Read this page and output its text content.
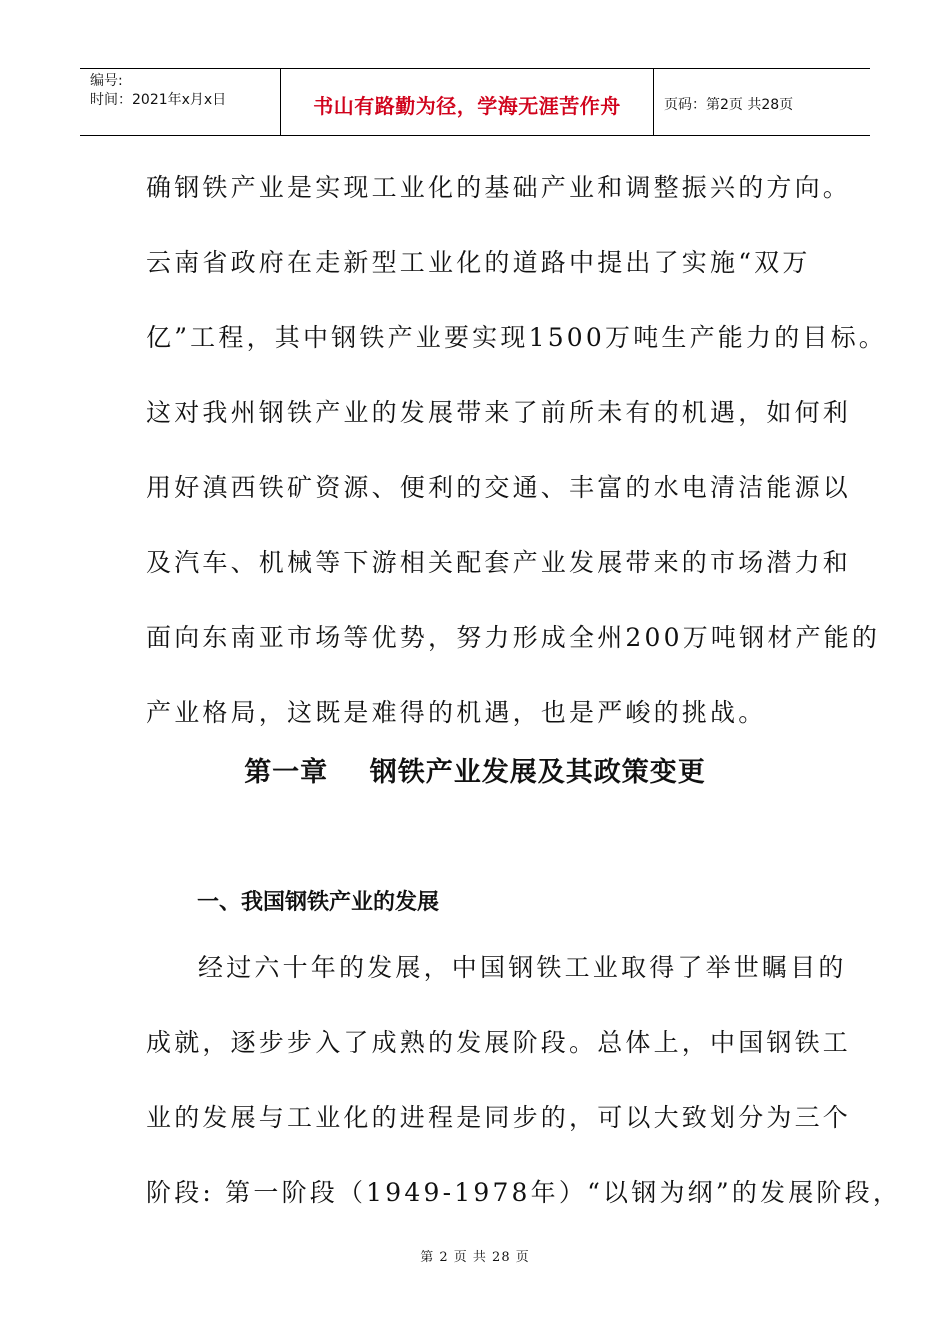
编号:
时间：2021年x月x日	书山有路勤为径，学海无涯苦作舟	页码：第2页 共28页

确钢铁产业是实现工业化的基础产业和调整振兴的方向。

云南省政府在走新型工业化的道路中提出了实施“双万

亿”工程，其中钢铁产业要实现1500万吨生产能力的目标。

这对我州钢铁产业的发展带来了前所未有的机遇，如何利

用好滇西铁矿资源、便利的交通、丰富的水电清洁能源以

及汽车、机械等下游相关配套产业发展带来的市场潜力和

面向东南亚市场等优势，努力形成全州200万吨钢材产能的

产业格局，这既是难得的机遇，也是严峻的挑战。

第一章    钢铁产业发展及其政策变更
一、我国钢铁产业的发展

经过六十年的发展，中国钢铁工业取得了举世瞩目的

成就，逐步步入了成熟的发展阶段。总体上，中国钢铁工

业的发展与工业化的进程是同步的，可以大致划分为三个

阶段: 第一阶段（1949-1978年）“以钢为纲”的发展阶段，

第 2 页 共 28 页
